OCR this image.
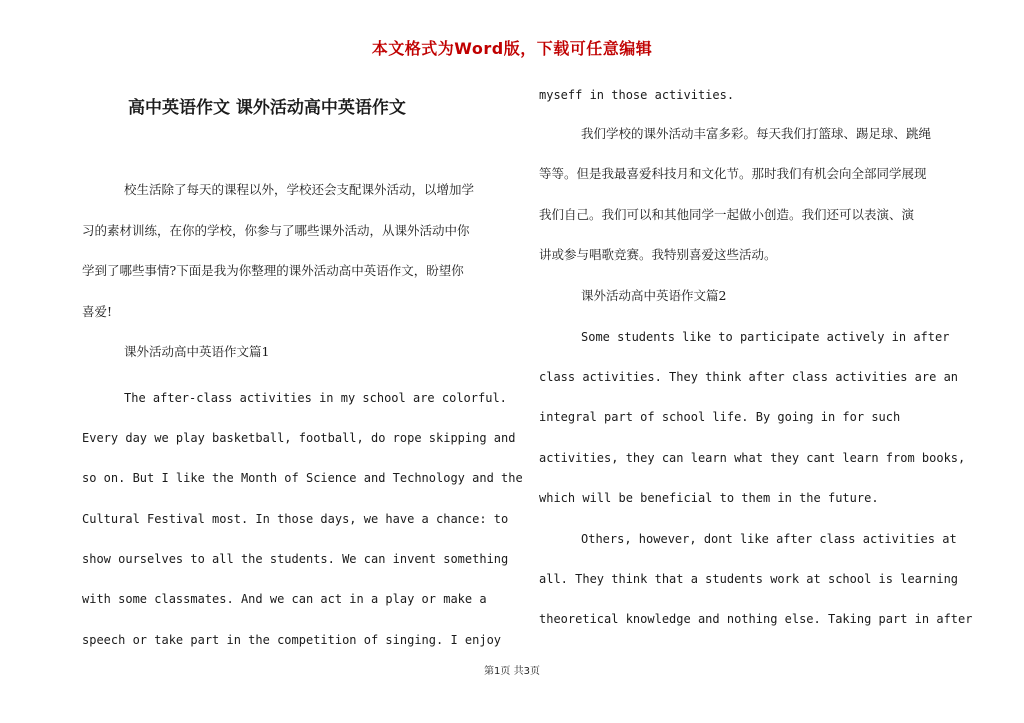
本文格式为Word版，下载可任意编辑
高中英语作文 课外活动高中英语作文
校生活除了每天的课程以外，学校还会支配课外活动，以增加学
习的素材训练，在你的学校，你参与了哪些课外活动，从课外活动中你
学到了哪些事情?下面是我为你整理的课外活动高中英语作文，盼望你
喜爱!
课外活动高中英语作文篇1
The after-class activities in my school are colorful.
Every day we play basketball, football, do rope skipping and
so on. But I like the Month of Science and Technology and the
Cultural Festival most. In those days, we have a chance: to
show ourselves to all the students. We can invent something
with some classmates. And we can act in a play or make a
speech or take part in the competition of singing. I enjoy
myseff in those activities.
我们学校的课外活动丰富多彩。每天我们打篮球、踢足球、跳绳
等等。但是我最喜爱科技月和文化节。那时我们有机会向全部同学展现
我们自己。我们可以和其他同学一起做小创造。我们还可以表演、演
讲或参与唱歌竞赛。我特别喜爱这些活动。
课外活动高中英语作文篇2
Some students like to participate actively in after
class activities. They think after class activities are an
integral part of school life. By going in for such
activities, they can learn what they cant learn from books,
which will be beneficial to them in the future.
Others, however, dont like after class activities at
all. They think that a students work at school is learning
theoretical knowledge and nothing else. Taking part in after
第1页 共3页
